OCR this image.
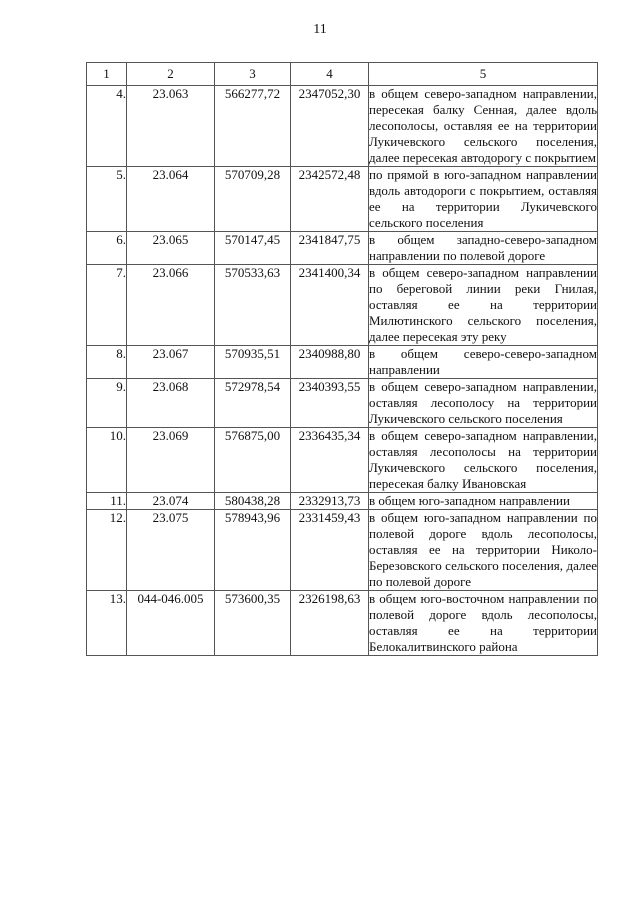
11
1	2	3	4	5
4.	23.063	566277,72	2347052,30	в общем северо-западном направлении, пересекая балку Сенная, далее вдоль лесополосы, оставляя ее на территории Лукичевского сельского поселения, далее пересекая автодорогу с покрытием
5.	23.064	570709,28	2342572,48	по прямой в юго-западном направлении вдоль автодороги с покрытием, оставляя ее на территории Лукичевского сельского поселения
6.	23.065	570147,45	2341847,75	в общем западно-северо-западном направлении по полевой дороге
7.	23.066	570533,63	2341400,34	в общем северо-западном направлении по береговой линии реки Гнилая, оставляя ее на территории Милютинского сельского поселения, далее пересекая эту реку
8.	23.067	570935,51	2340988,80	в общем северо-северо-западном направлении
9.	23.068	572978,54	2340393,55	в общем северо-западном направлении, оставляя лесополосу на территории Лукичевского сельского поселения
10.	23.069	576875,00	2336435,34	в общем северо-западном направлении, оставляя лесополосы на территории Лукичевского сельского поселения, пересекая балку Ивановская
11.	23.074	580438,28	2332913,73	в общем юго-западном направлении
12.	23.075	578943,96	2331459,43	в общем юго-западном направлении по полевой дороге вдоль лесополосы, оставляя ее на территории Николо-Березовского сельского поселения, далее по полевой дороге
13.	044-046.005	573600,35	2326198,63	в общем юго-восточном направлении по полевой дороге вдоль лесополосы, оставляя ее на территории Белокалитвинского района
